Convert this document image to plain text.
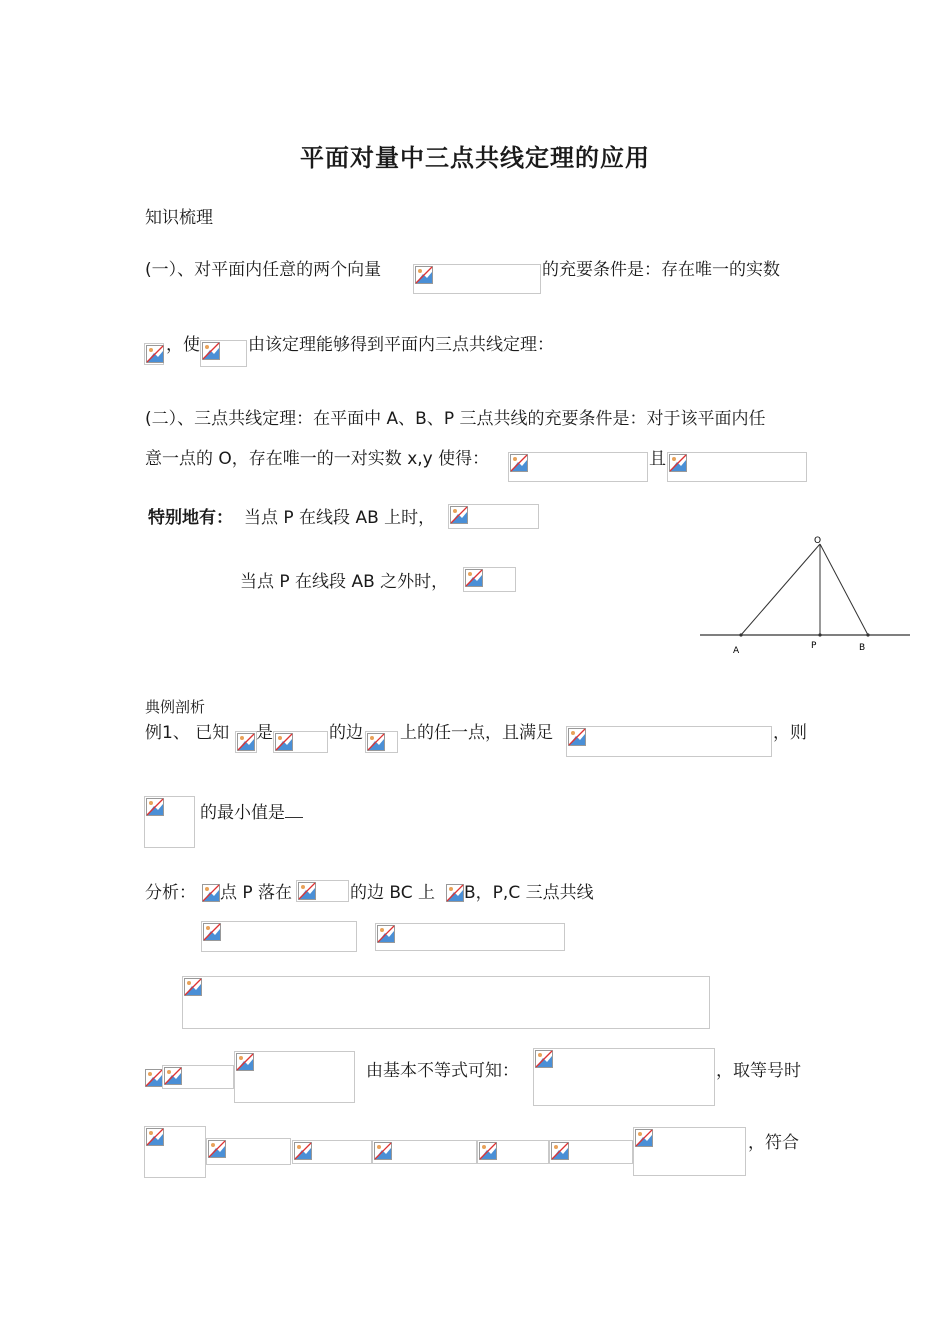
平面对量中三点共线定理的应用
知识梳理
(一）、对平面内任意的两个向量	的充要条件是：存在唯一的实数
，使	由该定理能够得到平面内三点共线定理：
(二）、三点共线定理：在平面中 A、B、P 三点共线的充要条件是：对于该平面内任
意一点的 O，存在唯一的一对实数 x,y 使得：	且
特别地有： 当点 P 在线段 AB 上时，
当点 P 在线段 AB 之外时，
O
A	P	B
典例剖析
例1、 已知 是	的边 上的任一点，且满足	，则
的最小值是
分析： 点 P 落在	的边 BC 上 B，P,C 三点共线
由基本不等式可知：	，取等号时
，符合
